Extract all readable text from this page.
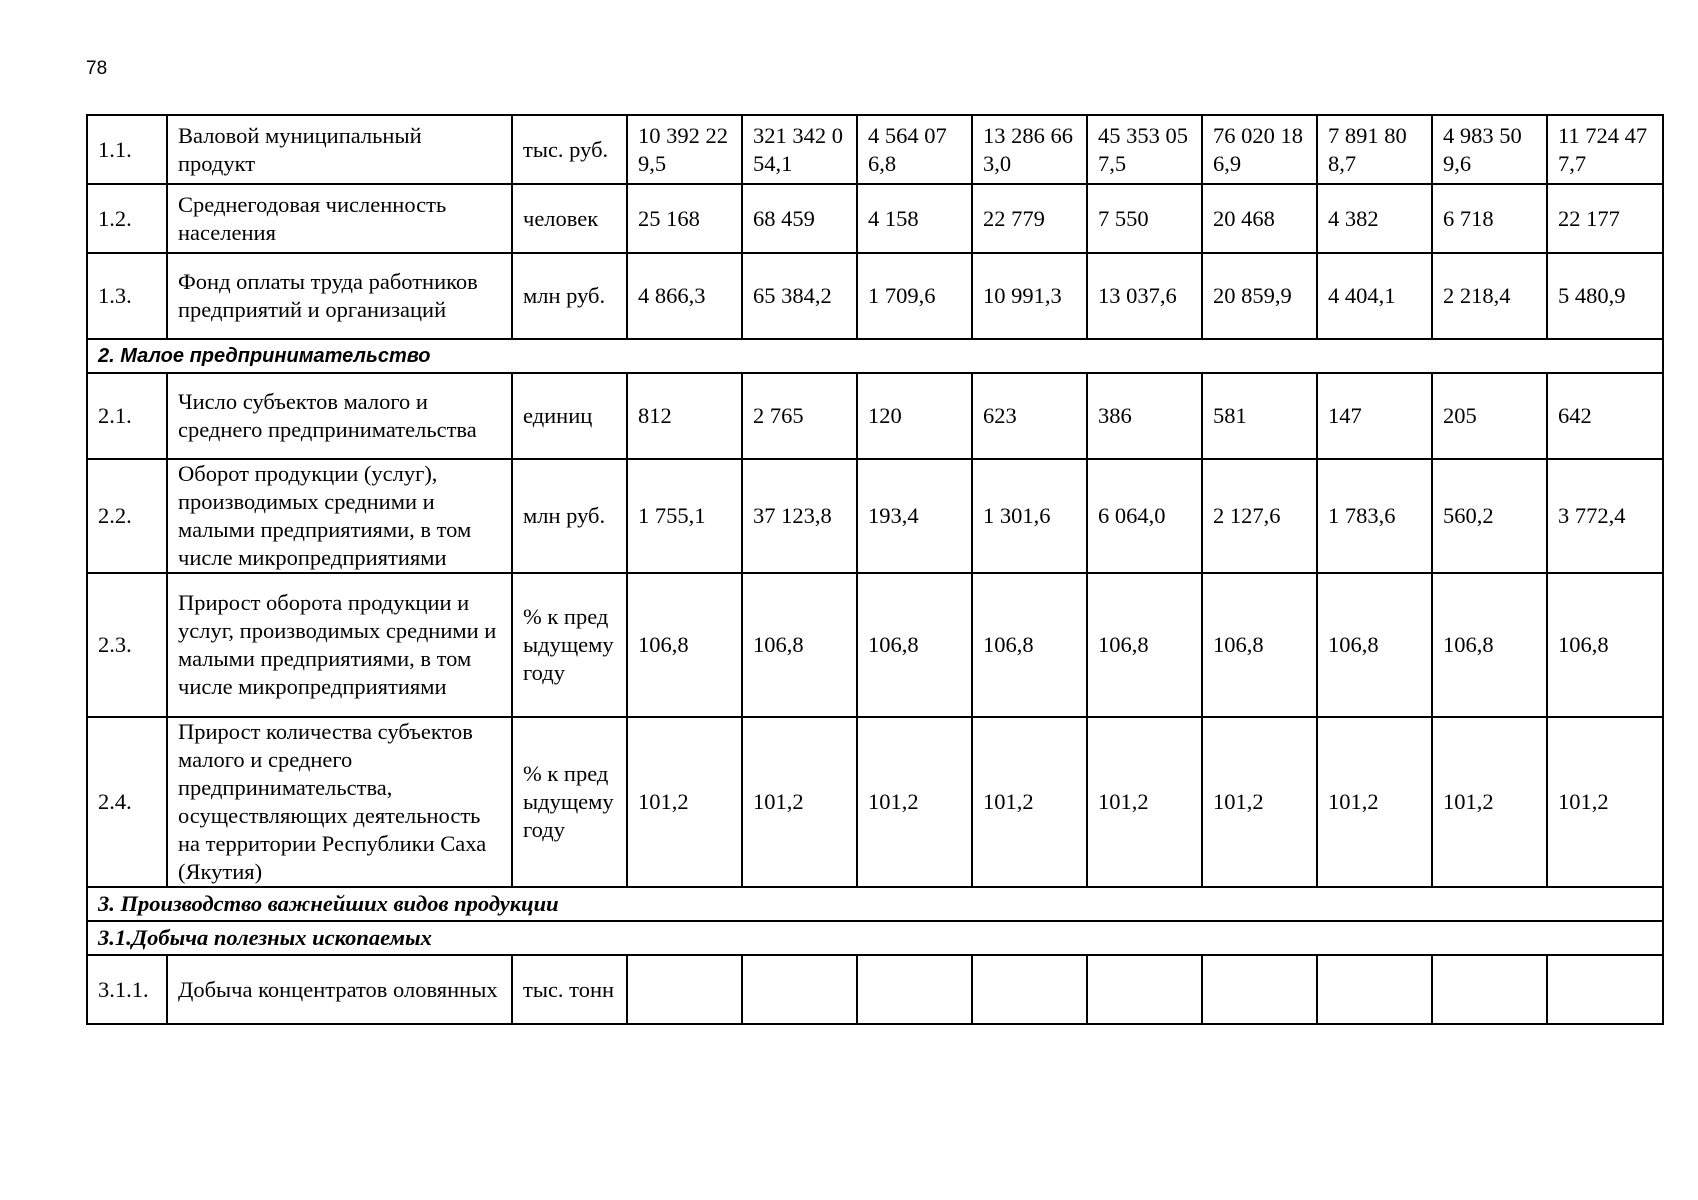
78
1.1.	Валовой муниципальный продукт	тыс. руб.	10 392 229,5	321 342 054,1	4 564 076,8	13 286 663,0	45 353 057,5	76 020 186,9	7 891 808,7	4 983 509,6	11 724 477,7
1.2.	Среднегодовая численность населения	человек	25 168	68 459	4 158	22 779	7 550	20 468	4 382	6 718	22 177
1.3.	Фонд оплаты труда работников предприятий и организаций	млн руб.	4 866,3	65 384,2	1 709,6	10 991,3	13 037,6	20 859,9	4 404,1	2 218,4	5 480,9
2. Малое предпринимательство											
2.1.	Число субъектов малого и среднего предпринимательства	единиц	812	2 765	120	623	386	581	147	205	642
2.2.	Оборот продукции (услуг), производимых средними и малыми предприятиями, в том числе микропредприятиями	млн руб.	1 755,1	37 123,8	193,4	1 301,6	6 064,0	2 127,6	1 783,6	560,2	3 772,4
2.3.	Прирост оборота продукции и услуг, производимых средними и малыми предприятиями, в том числе микропредприятиями	% к предыдущему году	106,8	106,8	106,8	106,8	106,8	106,8	106,8	106,8	106,8
2.4.	Прирост количества субъектов малого и среднего предпринимательства, осуществляющих деятельность на территории Республики Саха (Якутия)	% к предыдущему году	101,2	101,2	101,2	101,2	101,2	101,2	101,2	101,2	101,2
3. Производство важнейших видов продукции											
3.1.Добыча полезных ископаемых											
3.1.1.	Добыча концентратов оловянных	тыс. тонн									
